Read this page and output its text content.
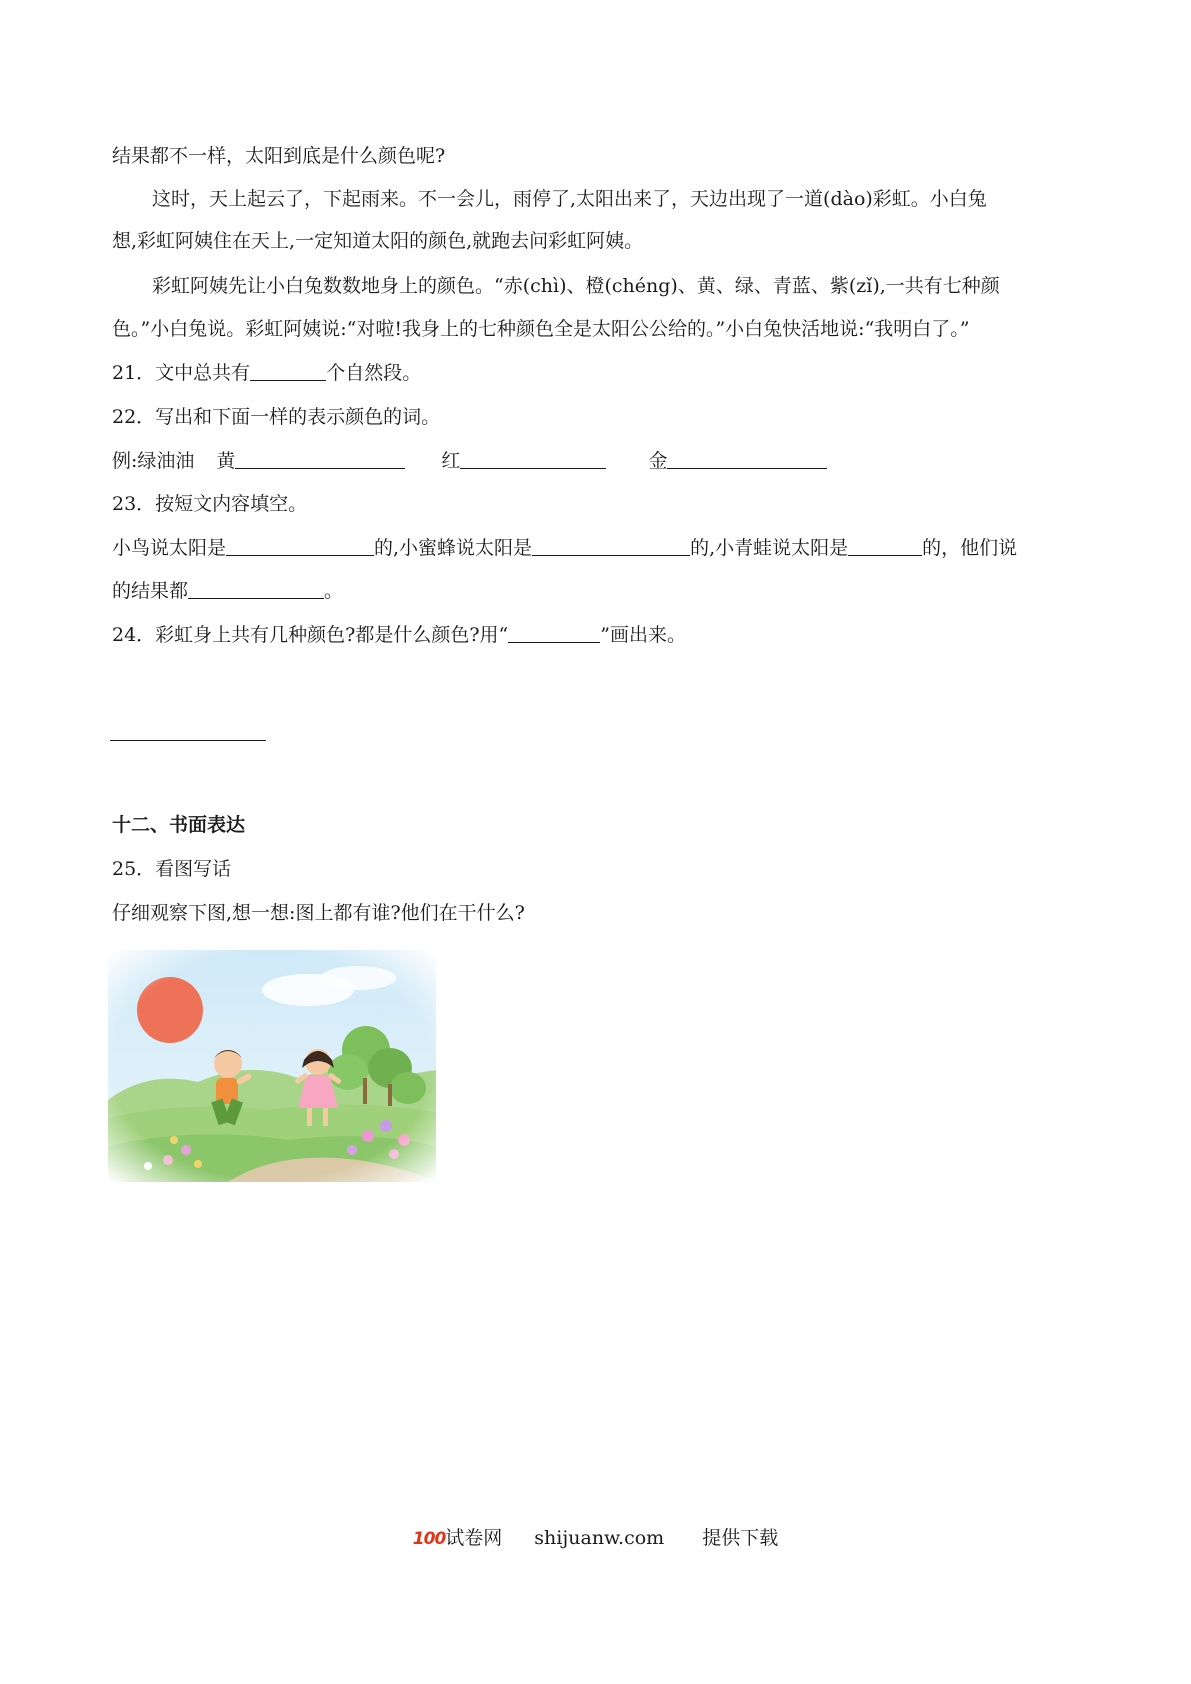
结果都不一样，太阳到底是什么颜色呢?
这时，天上起云了，下起雨来。不一会儿，雨停了,太阳出来了，天边出现了一道(dào)彩虹。小白兔
想,彩虹阿姨住在天上,一定知道太阳的颜色,就跑去问彩虹阿姨。
彩虹阿姨先让小白兔数数地身上的颜色。“赤(chì)、橙(chéng)、黄、绿、青蓝、紫(zǐ),一共有七种颜
色。”小白兔说。彩虹阿姨说:“对啦!我身上的七种颜色全是太阳公公给的。”小白兔快活地说:“我明白了。”
21．文中总共有	个自然段。
22．写出和下面一样的表示颜色的词。
例:绿油油 黄	红	金
23．按短文内容填空。
小鸟说太阳是	的,小蜜蜂说太阳是	的,小青蛙说太阳是	的，他们说
的结果都	。
24．彩虹身上共有几种颜色?都是什么颜色?用“	”画出来。
十二、书面表达
25．看图写话
仔细观察下图,想一想:图上都有谁?他们在干什么?
100试卷网 shijuanw.com 提供下载
